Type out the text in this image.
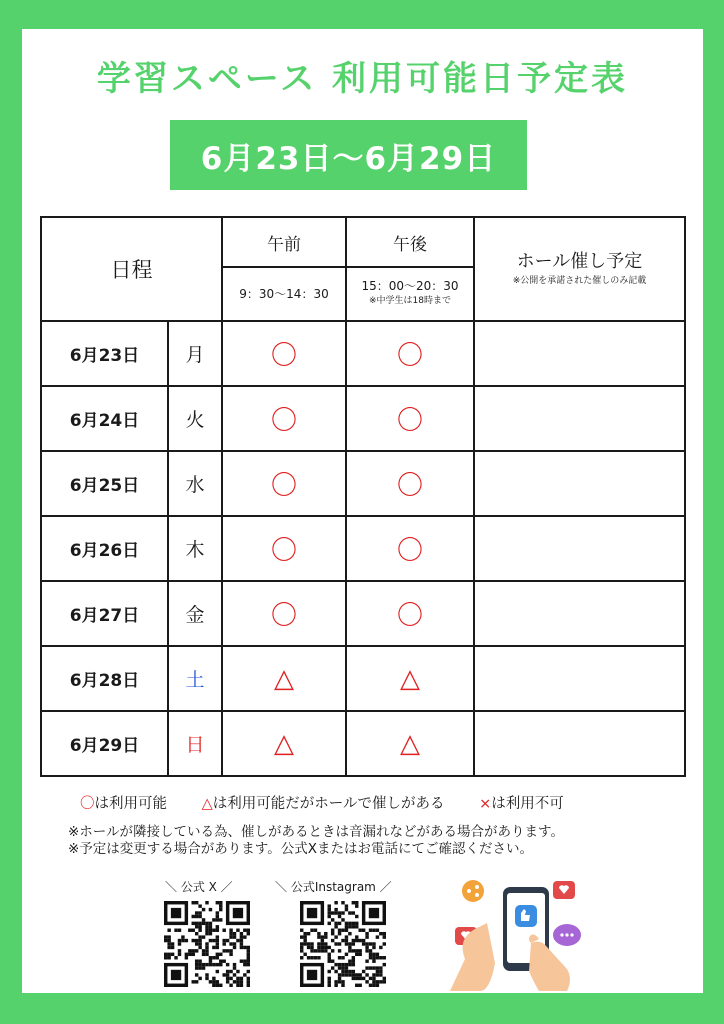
学習スペース 利用可能日予定表
6月23日〜6月29日
日程		午前	午後	ホール催し予定
※公開を承諾された催しのみ記載

		9：30〜14：30	15：00〜20：30
※中学生は18時まで	

6月23日	月	〇	〇	
6月24日	火	〇	〇	
6月25日	水	〇	〇	
6月26日	木	〇	〇	
6月27日	金	〇	〇	
6月28日	土	△	△	
6月29日	日	△	△	
〇は利用可能 △は利用可能だがホールで催しがある ×は利用不可
※ホールが隣接している為、催しがあるときは音漏れなどがある場合があります。
※予定は変更する場合があります。公式Xまたはお電話にてご確認ください。
＼ 公式 X ／	＼ 公式Instagram ／
